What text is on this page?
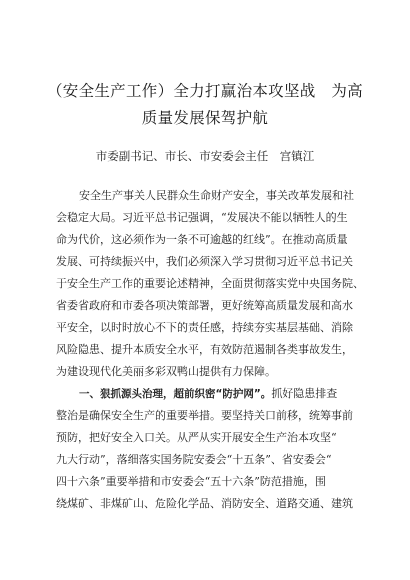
（安全生产工作）全力打赢治本攻坚战　为高
质量发展保驾护航
市委副书记、市长、市安委会主任　宫镇江
安全生产事关人民群众生命财产安全，事关改革发展和社
会稳定大局。习近平总书记强调，“发展决不能以牺牲人的生
命为代价，这必须作为一条不可逾越的红线”。在推动高质量
发展、可持续振兴中，我们必须深入学习贯彻习近平总书记关
于安全生产工作的重要论述精神，全面贯彻落实党中央国务院、
省委省政府和市委各项决策部署，更好统筹高质量发展和高水
平安全，以时时放心不下的责任感，持续夯实基层基础、消除
风险隐患、提升本质安全水平，有效防范遏制各类事故发生，
为建设现代化美丽多彩双鸭山提供有力保障。
一、狠抓源头治理，超前织密“防护网”。抓好隐患排查
整治是确保安全生产的重要举措。要坚持关口前移，统筹事前
预防，把好安全入口关。从严从实开展安全生产治本攻坚“
九大行动”，落细落实国务院安委会“十五条”、省安委会“
四十六条”重要举措和市安委会“五十六条”防范措施，围
绕煤矿、非煤矿山、危险化学品、消防安全、道路交通、建筑
